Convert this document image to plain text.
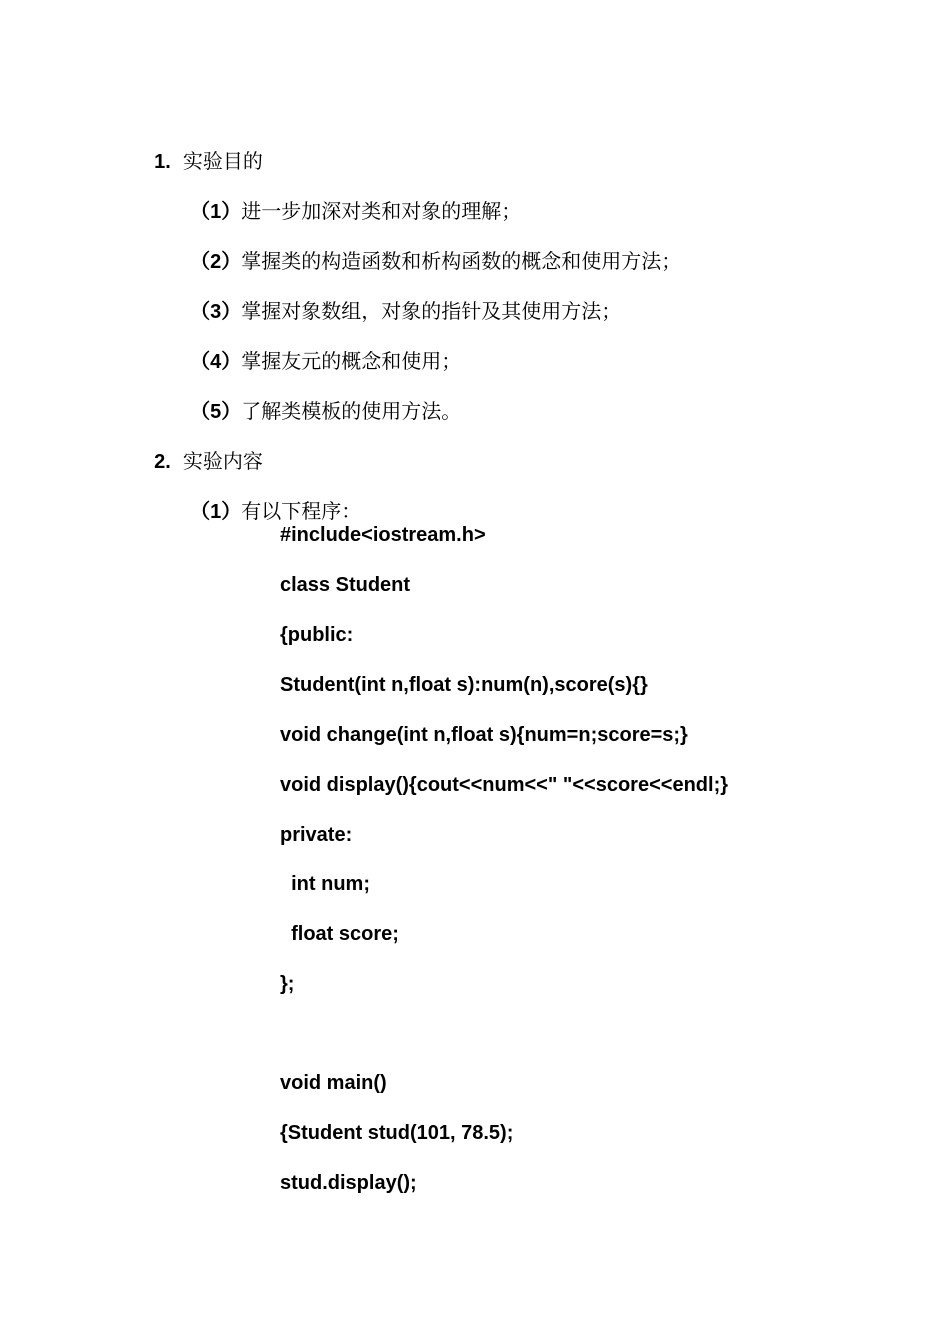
1. 实验目的

（1）进一步加深对类和对象的理解；

（2）掌握类的构造函数和析构函数的概念和使用方法；

（3）掌握对象数组，对象的指针及其使用方法；

（4）掌握友元的概念和使用；

（5）了解类模板的使用方法。

2. 实验内容

（1）有以下程序：

#include<iostream.h>
class Student
{public:
Student(int n,float s):num(n),score(s){}
void change(int n,float s){num=n;score=s;}
void display(){cout<<num<<" "<<score<<endl;}
private:
int num;
float score;
};
void main()
{Student stud(101, 78.5);
stud.display();
